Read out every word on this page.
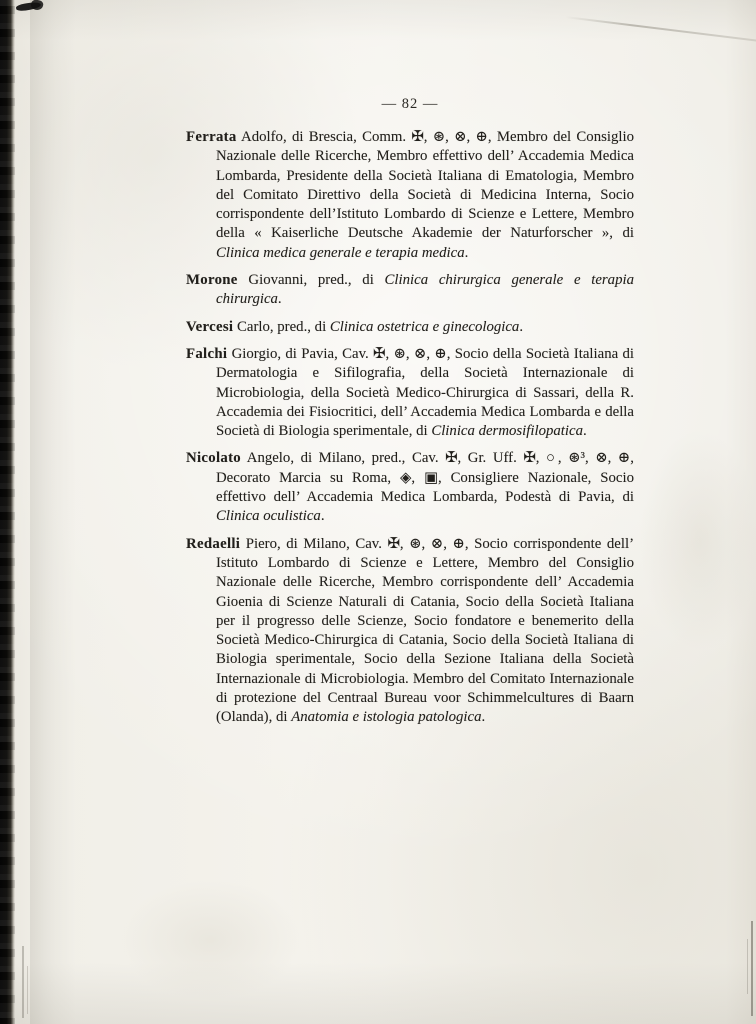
— 82 —

Ferrata Adolfo, di Brescia, Comm. ✠, ⊛, ⊗, ⊕, Membro del Consiglio Nazionale delle Ricerche, Membro effettivo dell’ Accademia Medica Lombarda, Presidente della Società Italiana di Ematologia, Membro del Comitato Direttivo della Società di Medicina Interna, Socio corrispondente dell’Istituto Lombardo di Scienze e Lettere, Membro della « Kaiserliche Deutsche Akademie der Naturforscher », di Clinica medica generale e terapia medica.

Morone Giovanni, pred., di Clinica chirurgica generale e terapia chirurgica.

Vercesi Carlo, pred., di Clinica ostetrica e ginecologica.

Falchi Giorgio, di Pavia, Cav. ✠, ⊛, ⊗, ⊕, Socio della Società Italiana di Dermatologia e Sifilografia, della Società Internazionale di Microbiologia, della Società Medico-Chirurgica di Sassari, della R. Accademia dei Fisiocritici, dell’ Accademia Medica Lombarda e della Società di Biologia sperimentale, di Clinica dermosifilopatica.

Nicolato Angelo, di Milano, pred., Cav. ✠, Gr. Uff. ✠, ○, ⊛³, ⊗, ⊕, Decorato Marcia su Roma, ◈, ▣, Consigliere Nazionale, Socio effettivo dell’ Accademia Medica Lombarda, Podestà di Pavia, di Clinica oculistica.

Redaelli Piero, di Milano, Cav. ✠, ⊛, ⊗, ⊕, Socio corrispondente dell’ Istituto Lombardo di Scienze e Lettere, Membro del Consiglio Nazionale delle Ricerche, Membro corrispondente dell’ Accademia Gioenia di Scienze Naturali di Catania, Socio della Società Italiana per il progresso delle Scienze, Socio fondatore e benemerito della Società Medico-Chirurgica di Catania, Socio della Società Italiana di Biologia sperimentale, Socio della Sezione Italiana della Società Internazionale di Microbiologia. Membro del Comitato Internazionale di protezione del Centraal Bureau voor Schimmelcultures di Baarn (Olanda), di Anatomia e istologia patologica.
